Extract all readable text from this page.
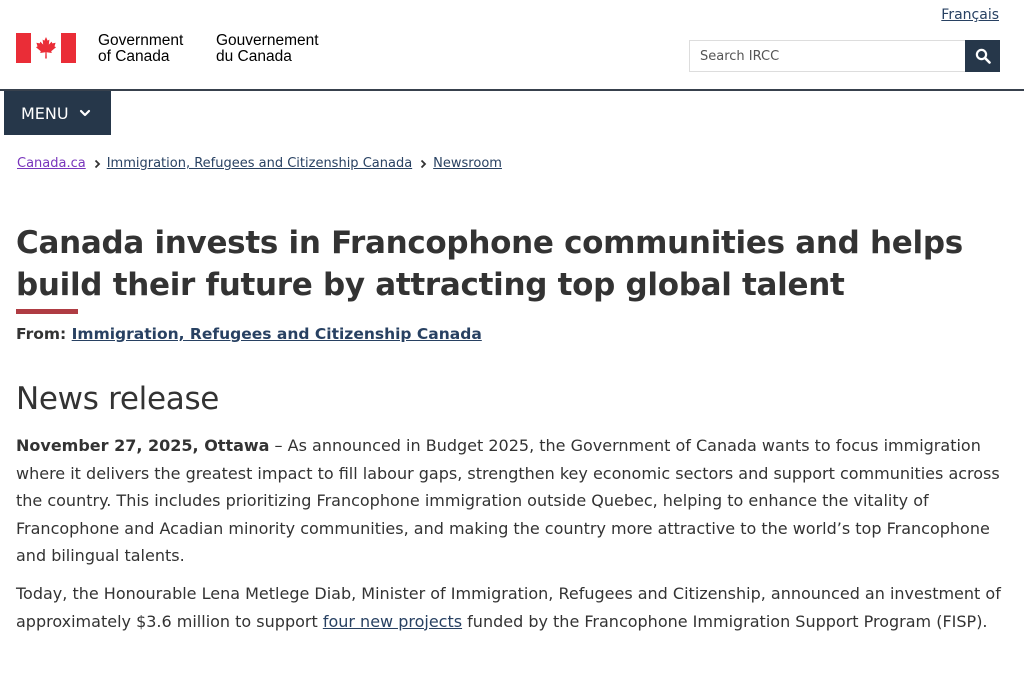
Français
Government
of Canada
Gouvernement
du Canada
Search IRCC
MENU
Canada.ca Immigration, Refugees and Citizenship Canada Newsroom
Canada invests in Francophone communities and helps build their future by attracting top global talent
From: Immigration, Refugees and Citizenship Canada
News release

November 27, 2025, Ottawa – As announced in Budget 2025, the Government of Canada wants to focus immigration where it delivers the greatest impact to fill labour gaps, strengthen key economic sectors and support communities across the country. This includes prioritizing Francophone immigration outside Quebec, helping to enhance the vitality of Francophone and Acadian minority communities, and making the country more attractive to the world’s top Francophone and bilingual talents.

Today, the Honourable Lena Metlege Diab, Minister of Immigration, Refugees and Citizenship, announced an investment of approximately $3.6 million to support four new projects funded by the Francophone Immigration Support Program (FISP).
